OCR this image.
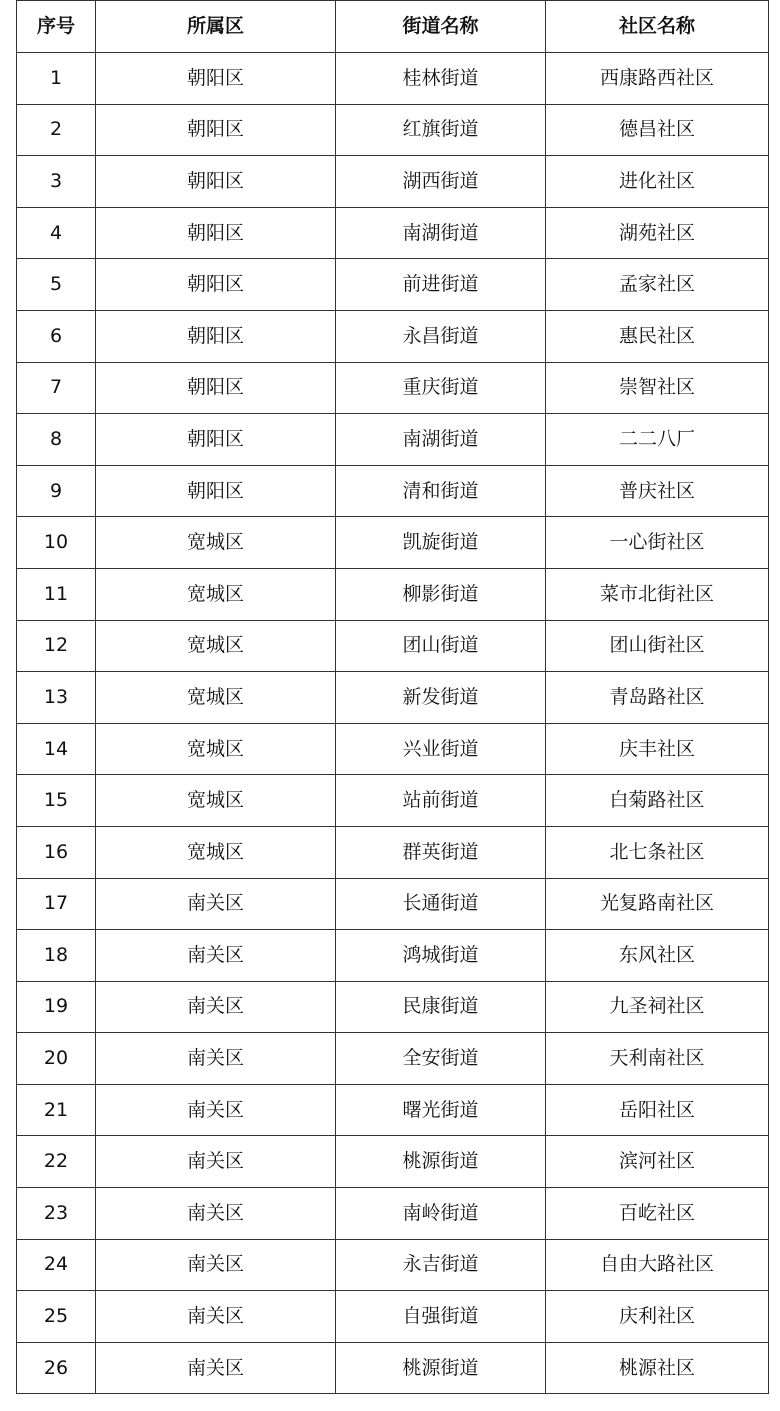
序号	所属区	街道名称	社区名称
1	朝阳区	桂林街道	西康路西社区
2	朝阳区	红旗街道	德昌社区
3	朝阳区	湖西街道	进化社区
4	朝阳区	南湖街道	湖苑社区
5	朝阳区	前进街道	孟家社区
6	朝阳区	永昌街道	惠民社区
7	朝阳区	重庆街道	崇智社区
8	朝阳区	南湖街道	二二八厂
9	朝阳区	清和街道	普庆社区
10	宽城区	凯旋街道	一心街社区
11	宽城区	柳影街道	菜市北街社区
12	宽城区	团山街道	团山街社区
13	宽城区	新发街道	青岛路社区
14	宽城区	兴业街道	庆丰社区
15	宽城区	站前街道	白菊路社区
16	宽城区	群英街道	北七条社区
17	南关区	长通街道	光复路南社区
18	南关区	鸿城街道	东风社区
19	南关区	民康街道	九圣祠社区
20	南关区	全安街道	天利南社区
21	南关区	曙光街道	岳阳社区
22	南关区	桃源街道	滨河社区
23	南关区	南岭街道	百屹社区
24	南关区	永吉街道	自由大路社区
25	南关区	自强街道	庆利社区
26	南关区	桃源街道	桃源社区
